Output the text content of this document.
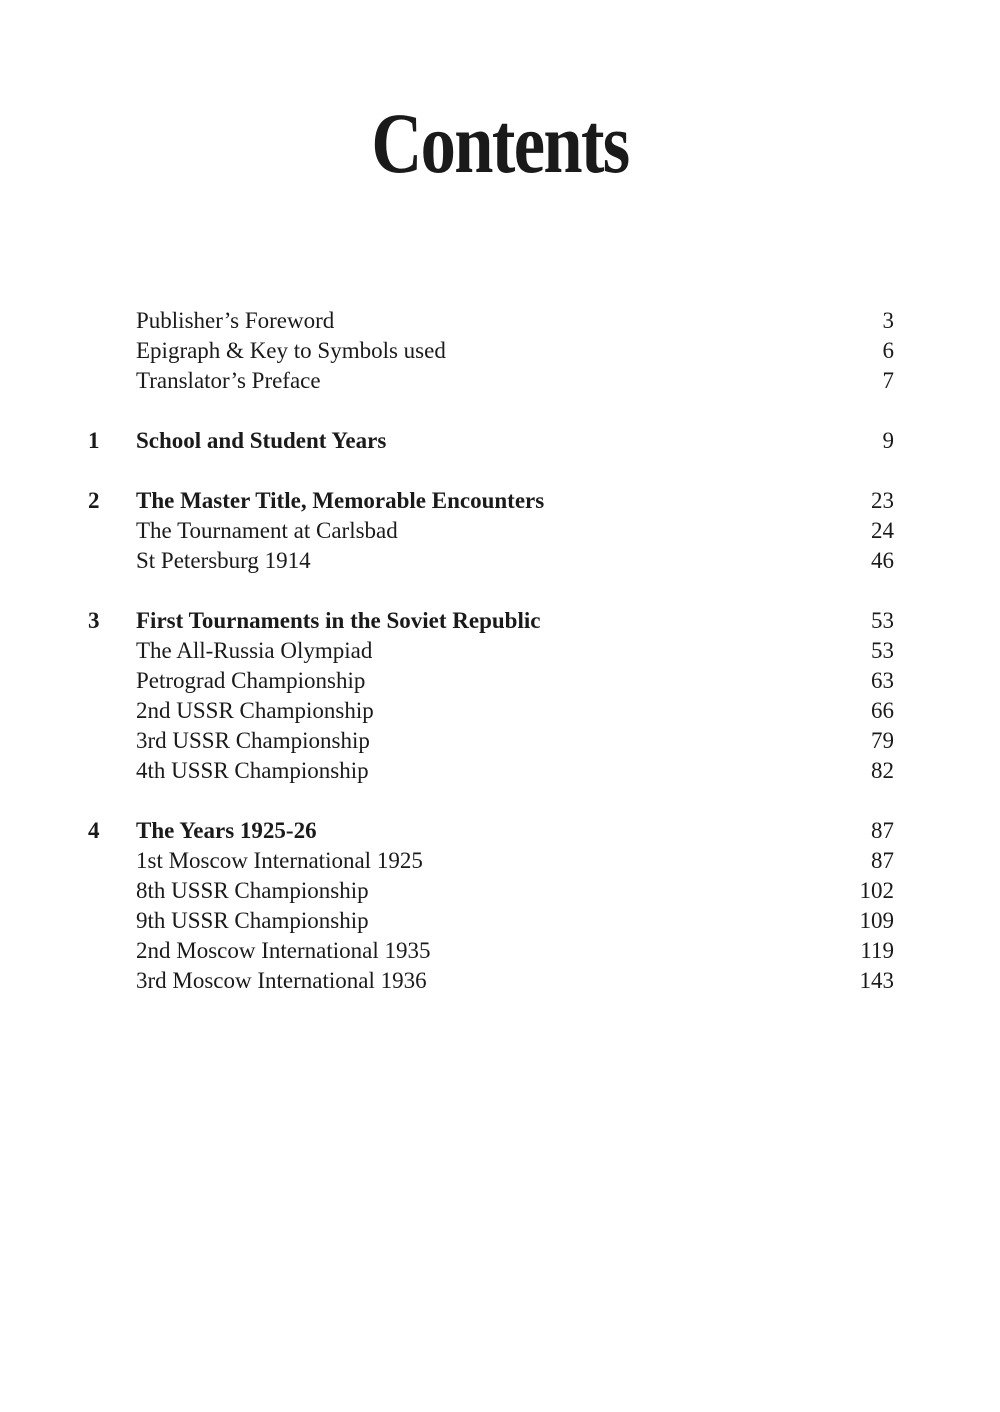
Contents
Publisher’s Foreword	3
Epigraph & Key to Symbols used	6
Translator’s Preface	7
1 School and Student Years	9
2 The Master Title, Memorable Encounters	23
The Tournament at Carlsbad	24
St Petersburg 1914	46
3 First Tournaments in the Soviet Republic	53
The All-Russia Olympiad	53
Petrograd Championship	63
2nd USSR Championship	66
3rd USSR Championship	79
4th USSR Championship	82
4 The Years 1925-26	87
1st Moscow International 1925	87
8th USSR Championship	102
9th USSR Championship	109
2nd Moscow International 1935	119
3rd Moscow International 1936	143
